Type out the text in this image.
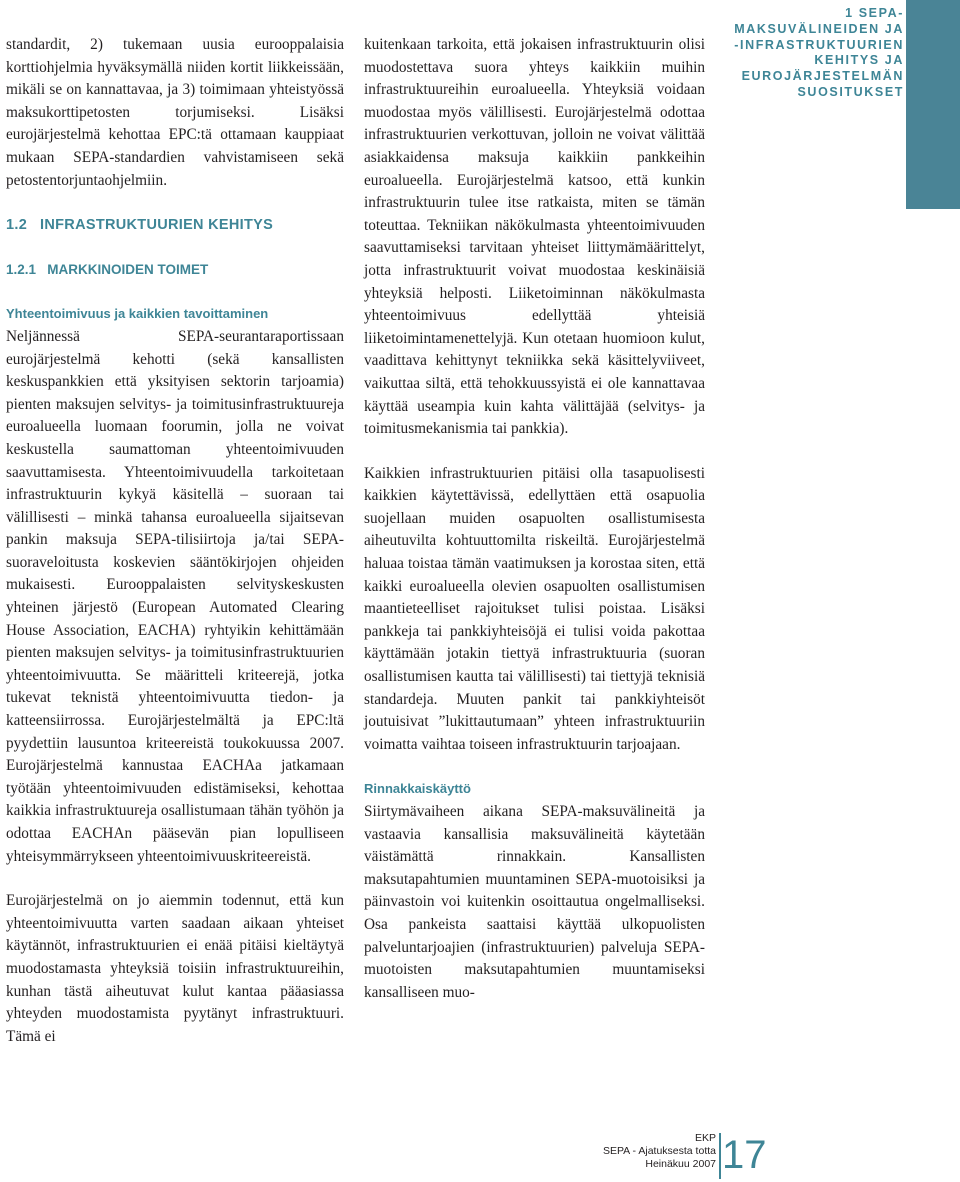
1 SEPA-
MAKSUVÄLINEIDEN JA
-INFRASTRUKTUURIEN
KEHITYS JA
EUROJÄRJESTELMÄN
SUOSITUKSET

standardit, 2) tukemaan uusia eurooppalaisia korttiohjelmia hyväksymällä niiden kortit liikkeissään, mikäli se on kannattavaa, ja 3) toimimaan yhteistyössä maksukorttipetosten torjumiseksi. Lisäksi eurojärjestelmä kehottaa EPC:tä ottamaan kauppiaat mukaan SEPA-standardien vahvistamiseen sekä petostentorjuntaohjelmiin.

1.2   INFRASTRUKTUURIEN KEHITYS

1.2.1   MARKKINOIDEN TOIMET

Yhteentoimivuus ja kaikkien tavoittaminen

Neljännessä SEPA-seurantaraportissaan eurojärjestelmä kehotti (sekä kansallisten keskuspankkien että yksityisen sektorin tarjoamia) pienten maksujen selvitys- ja toimitusinfrastruktuureja euroalueella luomaan foorumin, jolla ne voivat keskustella saumattoman yhteentoimivuuden saavuttamisesta. Yhteentoimivuudella tarkoitetaan infrastruktuurin kykyä käsitellä – suoraan tai välillisesti – minkä tahansa euroalueella sijaitsevan pankin maksuja SEPA-tilisiirtoja ja/tai SEPA-suoraveloitusta koskevien sääntökirjojen ohjeiden mukaisesti. Eurooppalaisten selvityskeskusten yhteinen järjestö (European Automated Clearing House Association, EACHA) ryhtyikin kehittämään pienten maksujen selvitys- ja toimitusinfrastruktuurien yhteentoimivuutta. Se määritteli kriteerejä, jotka tukevat teknistä yhteentoimivuutta tiedon- ja katteensiirrossa. Eurojärjestelmältä ja EPC:ltä pyydettiin lausuntoa kriteereistä toukokuussa 2007. Eurojärjestelmä kannustaa EACHAa jatkamaan työtään yhteentoimivuuden edistämiseksi, kehottaa kaikkia infrastruktuureja osallistumaan tähän työhön ja odottaa EACHAn pääsevän pian lopulliseen yhteisymmärrykseen yhteentoimivuuskriteereistä.

Eurojärjestelmä on jo aiemmin todennut, että kun yhteentoimivuutta varten saadaan aikaan yhteiset käytännöt, infrastruktuurien ei enää pitäisi kieltäytyä muodostamasta yhteyksiä toisiin infrastruktuureihin, kunhan tästä aiheutuvat kulut kantaa pääasiassa yhteyden muodostamista pyytänyt infrastruktuuri. Tämä ei

kuitenkaan tarkoita, että jokaisen infrastruktuurin olisi muodostettava suora yhteys kaikkiin muihin infrastruktuureihin euroalueella. Yhteyksiä voidaan muodostaa myös välillisesti. Eurojärjestelmä odottaa infrastruktuurien verkottuvan, jolloin ne voivat välittää asiakkaidensa maksuja kaikkiin pankkeihin euroalueella. Eurojärjestelmä katsoo, että kunkin infrastruktuurin tulee itse ratkaista, miten se tämän toteuttaa. Tekniikan näkökulmasta yhteentoimivuuden saavuttamiseksi tarvitaan yhteiset liittymämäärittelyt, jotta infrastruktuurit voivat muodostaa keskinäisiä yhteyksiä helposti. Liiketoiminnan näkökulmasta yhteentoimivuus edellyttää yhteisiä liiketoimintamenettelyjä. Kun otetaan huomioon kulut, vaadittava kehittynyt tekniikka sekä käsittelyviiveet, vaikuttaa siltä, että tehokkuussyistä ei ole kannattavaa käyttää useampia kuin kahta välittäjää (selvitys- ja toimitusmekanismia tai pankkia).

Kaikkien infrastruktuurien pitäisi olla tasapuolisesti kaikkien käytettävissä, edellyttäen että osapuolia suojellaan muiden osapuolten osallistumisesta aiheutuvilta kohtuuttomilta riskeiltä. Eurojärjestelmä haluaa toistaa tämän vaatimuksen ja korostaa siten, että kaikki euroalueella olevien osapuolten osallistumisen maantieteelliset rajoitukset tulisi poistaa. Lisäksi pankkeja tai pankkiyhteisöjä ei tulisi voida pakottaa käyttämään jotakin tiettyä infrastruktuuria (suoran osallistumisen kautta tai välillisesti) tai tiettyjä teknisiä standardeja. Muuten pankit tai pankkiyhteisöt joutuisivat ”lukittautumaan” yhteen infrastruktuuriin voimatta vaihtaa toiseen infrastruktuurin tarjoajaan.

Rinnakkaiskäyttö

Siirtymävaiheen aikana SEPA-maksuvälineitä ja vastaavia kansallisia maksuvälineitä käytetään väistämättä rinnakkain. Kansallisten maksutapahtumien muuntaminen SEPA-muotoisiksi ja päinvastoin voi kuitenkin osoittautua ongelmalliseksi. Osa pankeista saattaisi käyttää ulkopuolisten palveluntarjoajien (infrastruktuurien) palveluja SEPA-muotoisten maksutapahtumien muuntamiseksi kansalliseen muo-

EKP
SEPA - Ajatuksesta totta
Heinäkuu 2007 17
